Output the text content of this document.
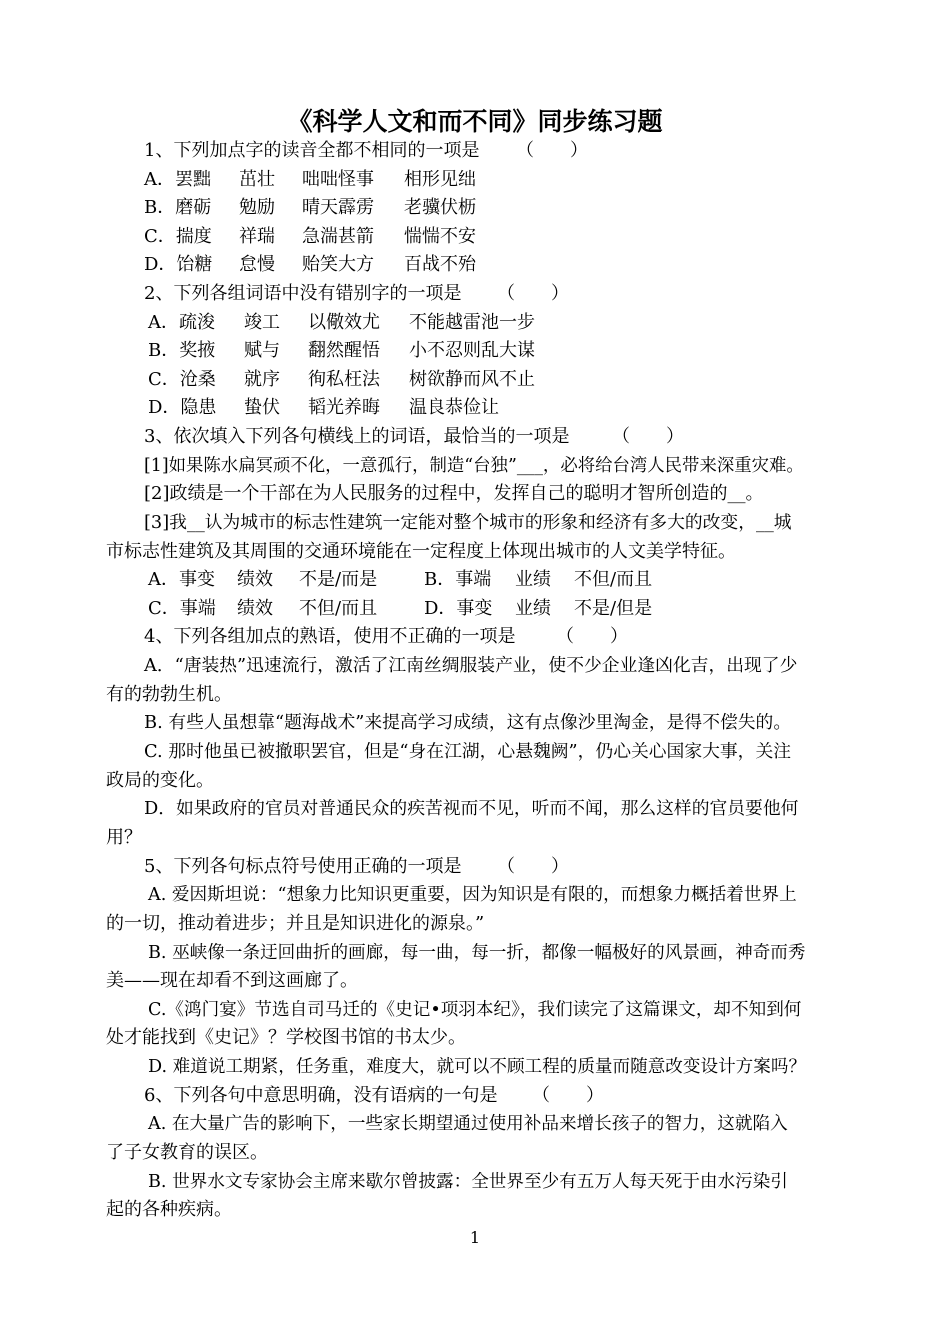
《科学人文和而不同》同步练习题
1、下列加点字的读音全都不相同的一项是 （　　）
A．罢黜 茁壮 咄咄怪事 相形见绌
B．磨砺 勉励 晴天霹雳 老骥伏枥
C．揣度 祥瑞 急湍甚箭 惴惴不安
D．饴糖 怠慢 贻笑大方 百战不殆
2、下列各组词语中没有错别字的一项是 （　　）
A．疏浚 竣工 以儆效尤 不能越雷池一步
B．奖掖 赋与 翻然醒悟 小不忍则乱大谋
C．沧桑 就序 徇私枉法 树欲静而风不止
D．隐患 蛰伏 韬光养晦 温良恭俭让
3、依次填入下列各句横线上的词语，最恰当的一项是 （　　）
[1]如果陈水扁冥顽不化，一意孤行，制造“台独”___，必将给台湾人民带来深重灾难。
[2]政绩是一个干部在为人民服务的过程中，发挥自己的聪明才智所创造的__。
[3]我__认为城市的标志性建筑一定能对整个城市的形象和经济有多大的改变，__城
市标志性建筑及其周围的交通环境能在一定程度上体现出城市的人文美学特征。
A．事变 绩效 不是/而是	B．事端 业绩 不但/而且
C．事端 绩效 不但/而且	D．事变 业绩 不是/但是
4、下列各组加点的熟语，使用不正确的一项是 （　　）
A．“唐装热”迅速流行，激活了江南丝绸服装产业，使不少企业逢凶化吉，出现了少
有的勃勃生机。
B. 有些人虽想靠“题海战术”来提高学习成绩，这有点像沙里淘金，是得不偿失的。
C. 那时他虽已被撤职罢官，但是“身在江湖，心悬魏阙”，仍心关心国家大事，关注
政局的变化。
D．如果政府的官员对普通民众的疾苦视而不见，听而不闻，那么这样的官员要他何
用？
5、下列各句标点符号使用正确的一项是 （　　）
A. 爱因斯坦说：“想象力比知识更重要，因为知识是有限的，而想象力概括着世界上
的一切，推动着进步；并且是知识进化的源泉。”
B. 巫峡像一条迂回曲折的画廊，每一曲，每一折，都像一幅极好的风景画，神奇而秀
美——现在却看不到这画廊了。
C.《鸿门宴》节选自司马迁的《史记•项羽本纪》，我们读完了这篇课文，却不知到何
处才能找到《史记》？学校图书馆的书太少。
D. 难道说工期紧，任务重，难度大，就可以不顾工程的质量而随意改变设计方案吗？
6、下列各句中意思明确，没有语病的一句是 （　　）
A. 在大量广告的影响下，一些家长期望通过使用补品来增长孩子的智力，这就陷入
了子女教育的误区。
B. 世界水文专家协会主席来歇尔曾披露：全世界至少有五万人每天死于由水污染引
起的各种疾病。
1
